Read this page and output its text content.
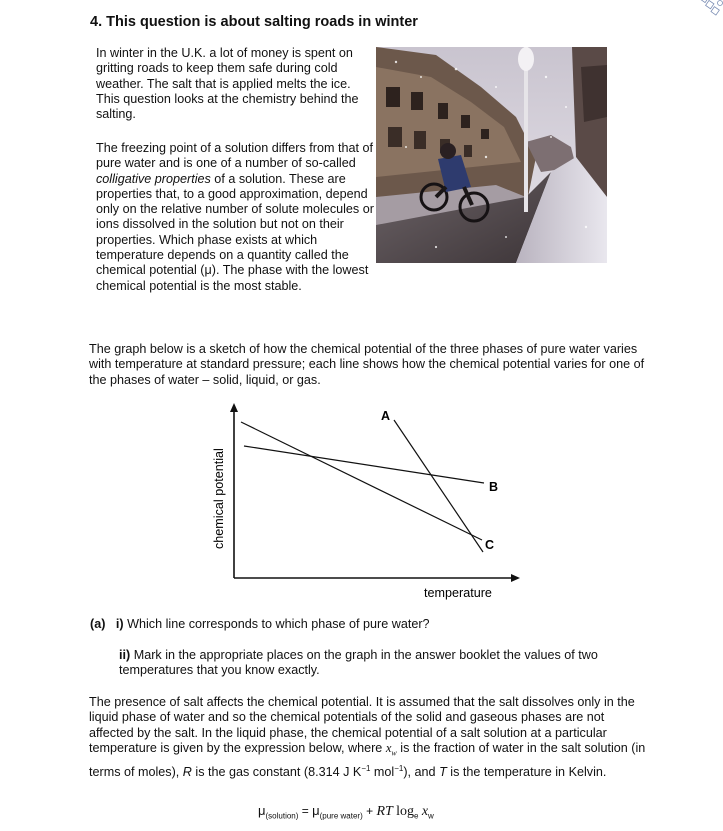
4. This question is about salting roads in winter
In winter in the U.K. a lot of money is spent on gritting roads to keep them safe during cold weather. The salt that is applied melts the ice. This question looks at the chemistry behind the salting.
The freezing point of a solution differs from that of pure water and is one of a number of so-called colligative properties of a solution. These are properties that, to a good approximation, depend only on the relative number of solute molecules or ions dissolved in the solution but not on their properties. Which phase exists at which temperature depends on a quantity called the chemical potential (μ). The phase with the lowest chemical potential is the most stable.
The graph below is a sketch of how the chemical potential of the three phases of pure water varies with temperature at standard pressure; each line shows how the chemical potential varies for one of the phases of water – solid, liquid, or gas.
A
B
C
chemical potential
temperature
(a) i) Which line corresponds to which phase of pure water?
ii) Mark in the appropriate places on the graph in the answer booklet the values of two temperatures that you know exactly.
The presence of salt affects the chemical potential. It is assumed that the salt dissolves only in the liquid phase of water and so the chemical potentials of the solid and gaseous phases are not affected by the salt. In the liquid phase, the chemical potential of a salt solution at a particular temperature is given by the expression below, where $x_w$ is the fraction of water in the salt solution (in terms of moles), R is the gas constant (8.314 J $K^{-1}$ mol$^{-1}$), and T is the temperature in Kelvin.
$\mu_{(solution)} = \mu_{(pure water)}$ + RT $\log_e x_w$
